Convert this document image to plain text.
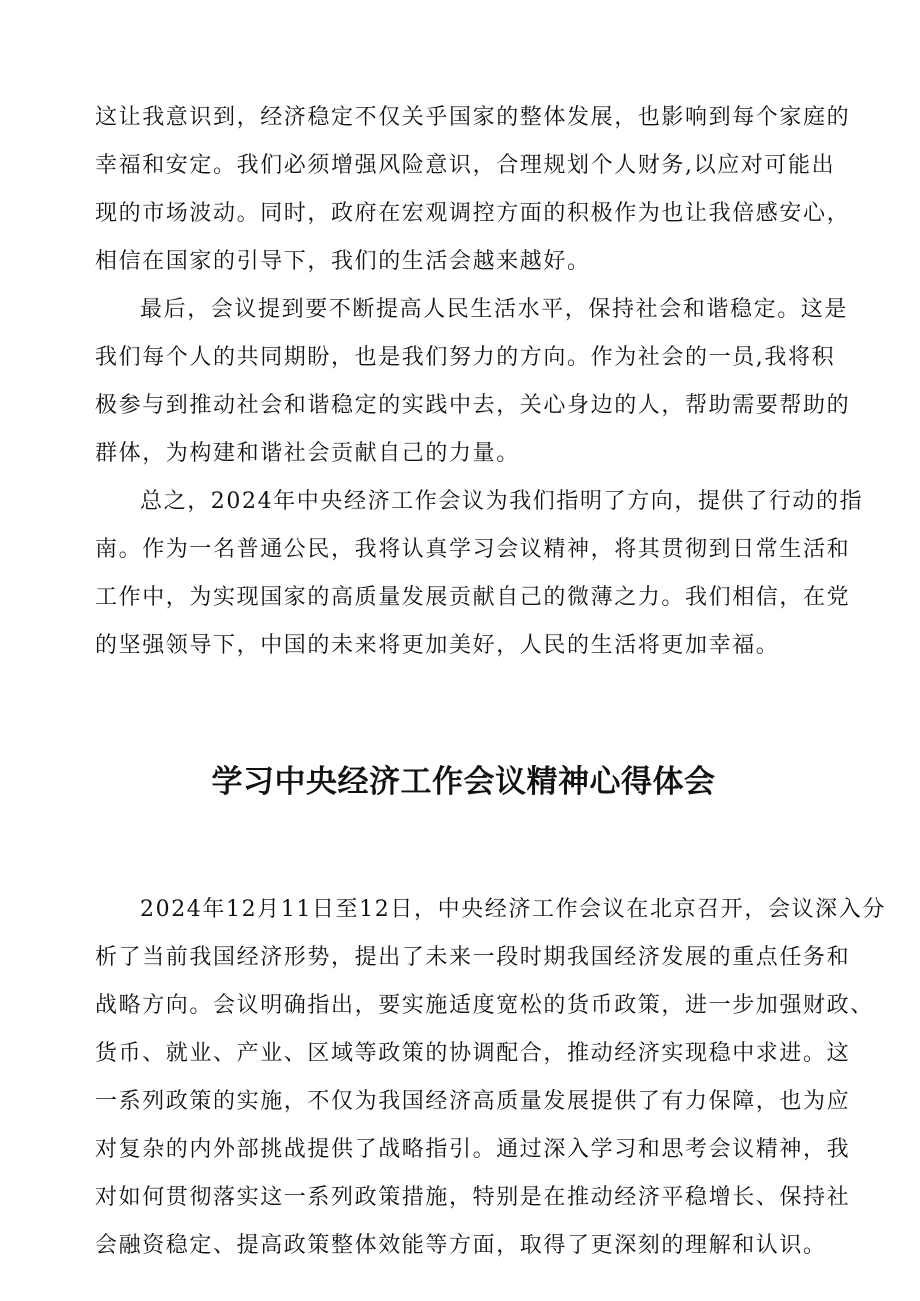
这让我意识到，经济稳定不仅关乎国家的整体发展，也影响到每个家庭的
幸福和安定。我们必须增强风险意识，合理规划个人财务,以应对可能出
现的市场波动。同时，政府在宏观调控方面的积极作为也让我倍感安心，
相信在国家的引导下，我们的生活会越来越好。
最后，会议提到要不断提高人民生活水平，保持社会和谐稳定。这是
我们每个人的共同期盼，也是我们努力的方向。作为社会的一员,我将积
极参与到推动社会和谐稳定的实践中去，关心身边的人，帮助需要帮助的
群体，为构建和谐社会贡献自己的力量。
总之，2024年中央经济工作会议为我们指明了方向，提供了行动的指
南。作为一名普通公民，我将认真学习会议精神，将其贯彻到日常生活和
工作中，为实现国家的高质量发展贡献自己的微薄之力。我们相信，在党
的坚强领导下，中国的未来将更加美好，人民的生活将更加幸福。
学习中央经济工作会议精神心得体会
2024年12月11日至12日，中央经济工作会议在北京召开，会议深入分
析了当前我国经济形势，提出了未来一段时期我国经济发展的重点任务和
战略方向。会议明确指出，要实施适度宽松的货币政策，进一步加强财政、
货币、就业、产业、区域等政策的协调配合，推动经济实现稳中求进。这
一系列政策的实施，不仅为我国经济高质量发展提供了有力保障，也为应
对复杂的内外部挑战提供了战略指引。通过深入学习和思考会议精神，我
对如何贯彻落实这一系列政策措施，特别是在推动经济平稳增长、保持社
会融资稳定、提高政策整体效能等方面，取得了更深刻的理解和认识。
